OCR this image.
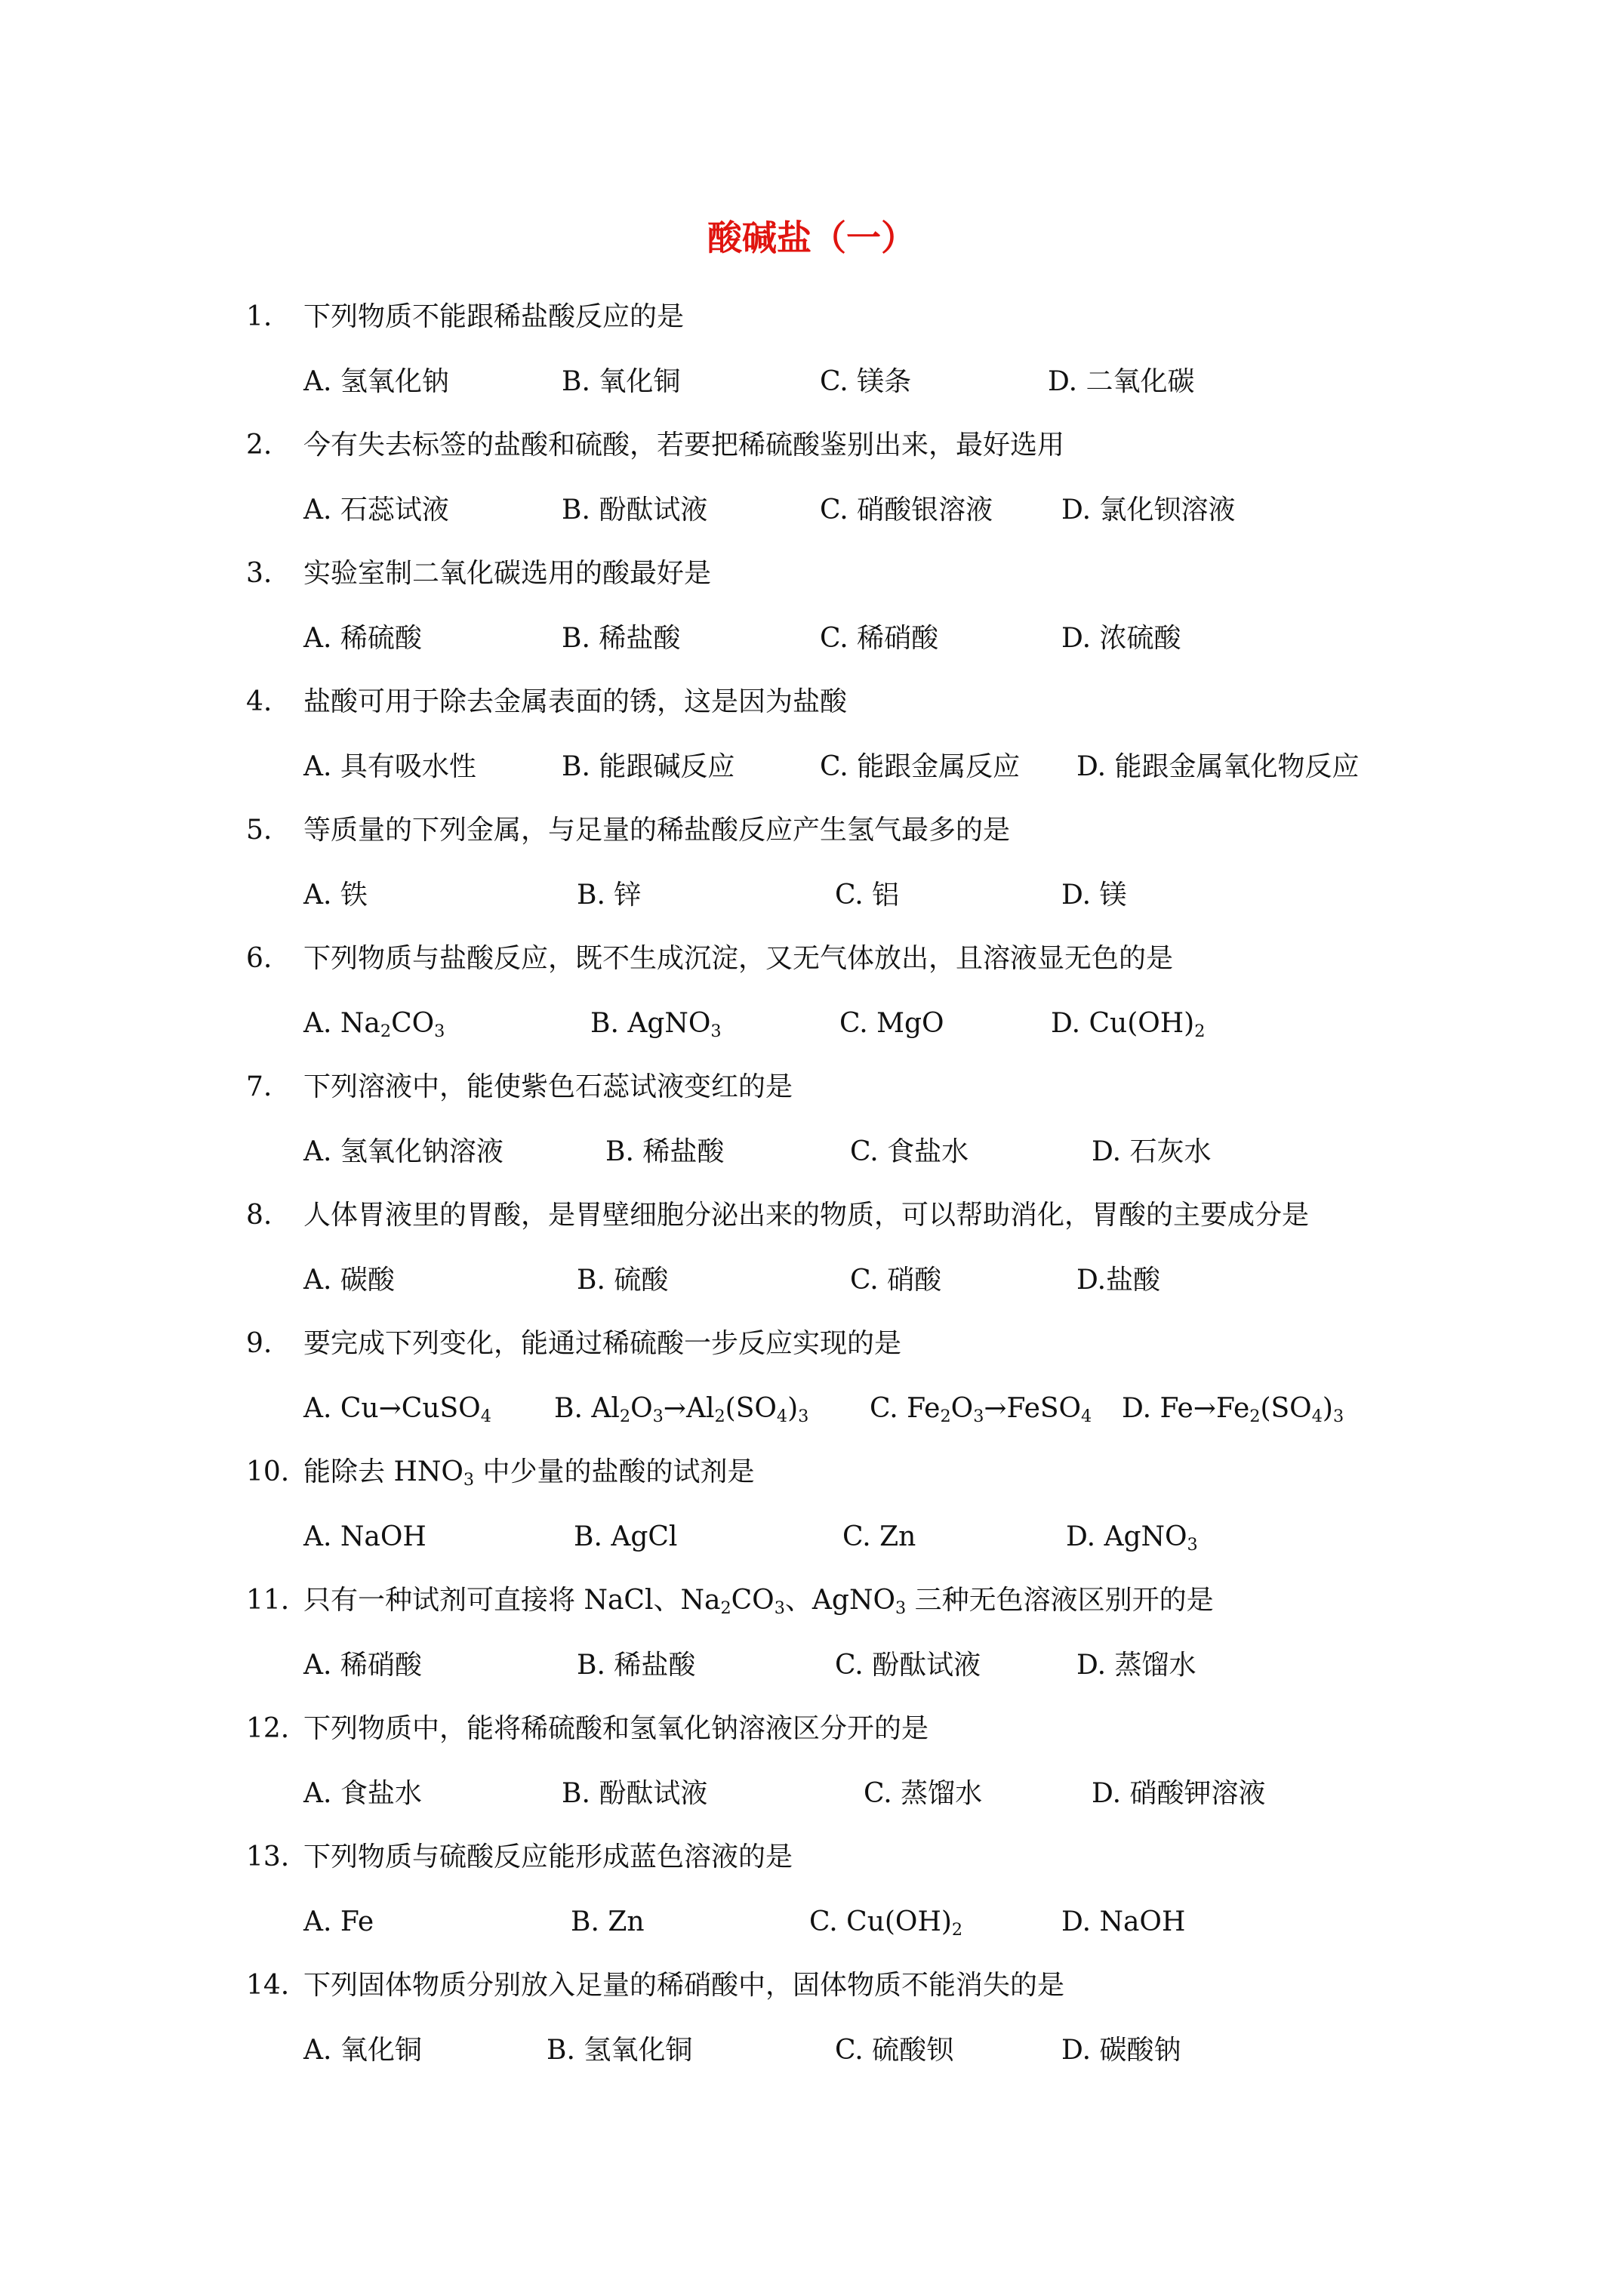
酸碱盐（一）
1. 下列物质不能跟稀盐酸反应的是
A. 氢氧化钠	B. 氧化铜	C. 镁条	D. 二氧化碳
2. 今有失去标签的盐酸和硫酸，若要把稀硫酸鉴别出来，最好选用
A. 石蕊试液	B. 酚酞试液	C. 硝酸银溶液	D. 氯化钡溶液
3. 实验室制二氧化碳选用的酸最好是
A. 稀硫酸	B. 稀盐酸	C. 稀硝酸	D. 浓硫酸
4. 盐酸可用于除去金属表面的锈，这是因为盐酸
A. 具有吸水性	B. 能跟碱反应	C. 能跟金属反应 D. 能跟金属氧化物反应
5. 等质量的下列金属，与足量的稀盐酸反应产生氢气最多的是
A. 铁	B. 锌	C. 铝	D. 镁
6. 下列物质与盐酸反应，既不生成沉淀，又无气体放出，且溶液显无色的是
A. $Na_2CO_3$	B. AgNO$_3$	C. MgO	D. $Cu(OH)_2$
7. 下列溶液中，能使紫色石蕊试液变红的是
A. 氢氧化钠溶液	B. 稀盐酸	C. 食盐水	D. 石灰水
8. 人体胃液里的胃酸，是胃壁细胞分泌出来的物质，可以帮助消化，胃酸的主要成分是
A. 碳酸	B. 硫酸	C. 硝酸	D.盐酸
9. 要完成下列变化，能通过稀硫酸一步反应实现的是
A. Cu→CuSO$_4$ B. $Al_2O_3\to Al_2(SO_4)_3$ C. $Fe_2O_3\to FeSO_4$ D. $Fe\to Fe_2(SO_4)_3$
10. 能除去 $HNO_3$ 中少量的盐酸的试剂是
A. NaOH	B. AgCl	C. Zn	D. AgNO$_3$
11. 只有一种试剂可直接将 NaCl、$Na_2CO_3$、AgNO$_3$ 三种无色溶液区别开的是
A. 稀硝酸	B. 稀盐酸	C. 酚酞试液	D. 蒸馏水
12. 下列物质中，能将稀硫酸和氢氧化钠溶液区分开的是
A. 食盐水	B. 酚酞试液	C. 蒸馏水	D. 硝酸钾溶液
13. 下列物质与硫酸反应能形成蓝色溶液的是
A. Fe	B. Zn	C. $Cu(OH)_2$	D. NaOH
14. 下列固体物质分别放入足量的稀硝酸中，固体物质不能消失的是
A. 氧化铜	B. 氢氧化铜	C. 硫酸钡	D. 碳酸钠
